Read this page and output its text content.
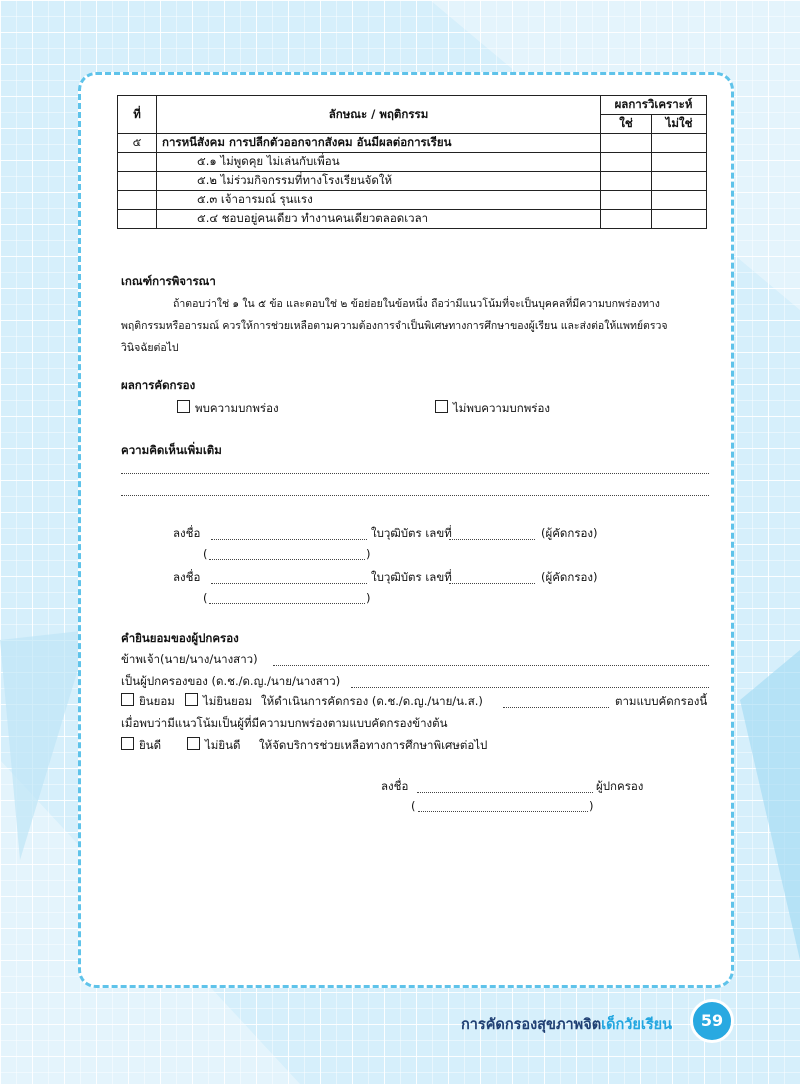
ที่	ลักษณะ / พฤติกรรม	ผลการวิเคราะห์	
		ใช่	ไม่ใช่
๕	การหนีสังคม การปลีกตัวออกจากสังคม อันมีผลต่อการเรียน		
	๕.๑ ไม่พูดคุย ไม่เล่นกับเพื่อน		
	๕.๒ ไม่ร่วมกิจกรรมที่ทางโรงเรียนจัดให้		
	๕.๓ เจ้าอารมณ์ รุนแรง		
	๕.๔ ชอบอยู่คนเดียว ทำงานคนเดียวตลอดเวลา		
เกณฑ์การพิจารณา
ถ้าตอบว่าใช่ ๑ ใน ๕ ข้อ และตอบใช่ ๒ ข้อย่อยในข้อหนึ่ง ถือว่ามีแนวโน้มที่จะเป็นบุคคลที่มีความบกพร่องทาง
พฤติกรรมหรืออารมณ์ ควรให้การช่วยเหลือตามความต้องการจำเป็นพิเศษทางการศึกษาของผู้เรียน และส่งต่อให้แพทย์ตรวจ
วินิจฉัยต่อไป
ผลการคัดกรอง
พบความบกพร่อง	ไม่พบความบกพร่อง
ความคิดเห็นเพิ่มเติม
ลงชื่อ	ใบวุฒิบัตร เลขที่	(ผู้คัดกรอง)
(	)
ลงชื่อ	ใบวุฒิบัตร เลขที่	(ผู้คัดกรอง)
(	)
คำยินยอมของผู้ปกครอง
ข้าพเจ้า(นาย/นาง/นางสาว)
เป็นผู้ปกครองของ (ด.ช./ด.ญ./นาย/นางสาว)
ยินยอม	ไม่ยินยอม ให้ดำเนินการคัดกรอง (ด.ช./ด.ญ./นาย/น.ส.)	ตามแบบคัดกรองนี้
เมื่อพบว่ามีแนวโน้มเป็นผู้ที่มีความบกพร่องตามแบบคัดกรองข้างต้น
ยินดี	ไม่ยินดี ให้จัดบริการช่วยเหลือทางการศึกษาพิเศษต่อไป
ลงชื่อ	ผู้ปกครอง
(	)
การคัดกรองสุขภาพจิตเด็กวัยเรียน	59
